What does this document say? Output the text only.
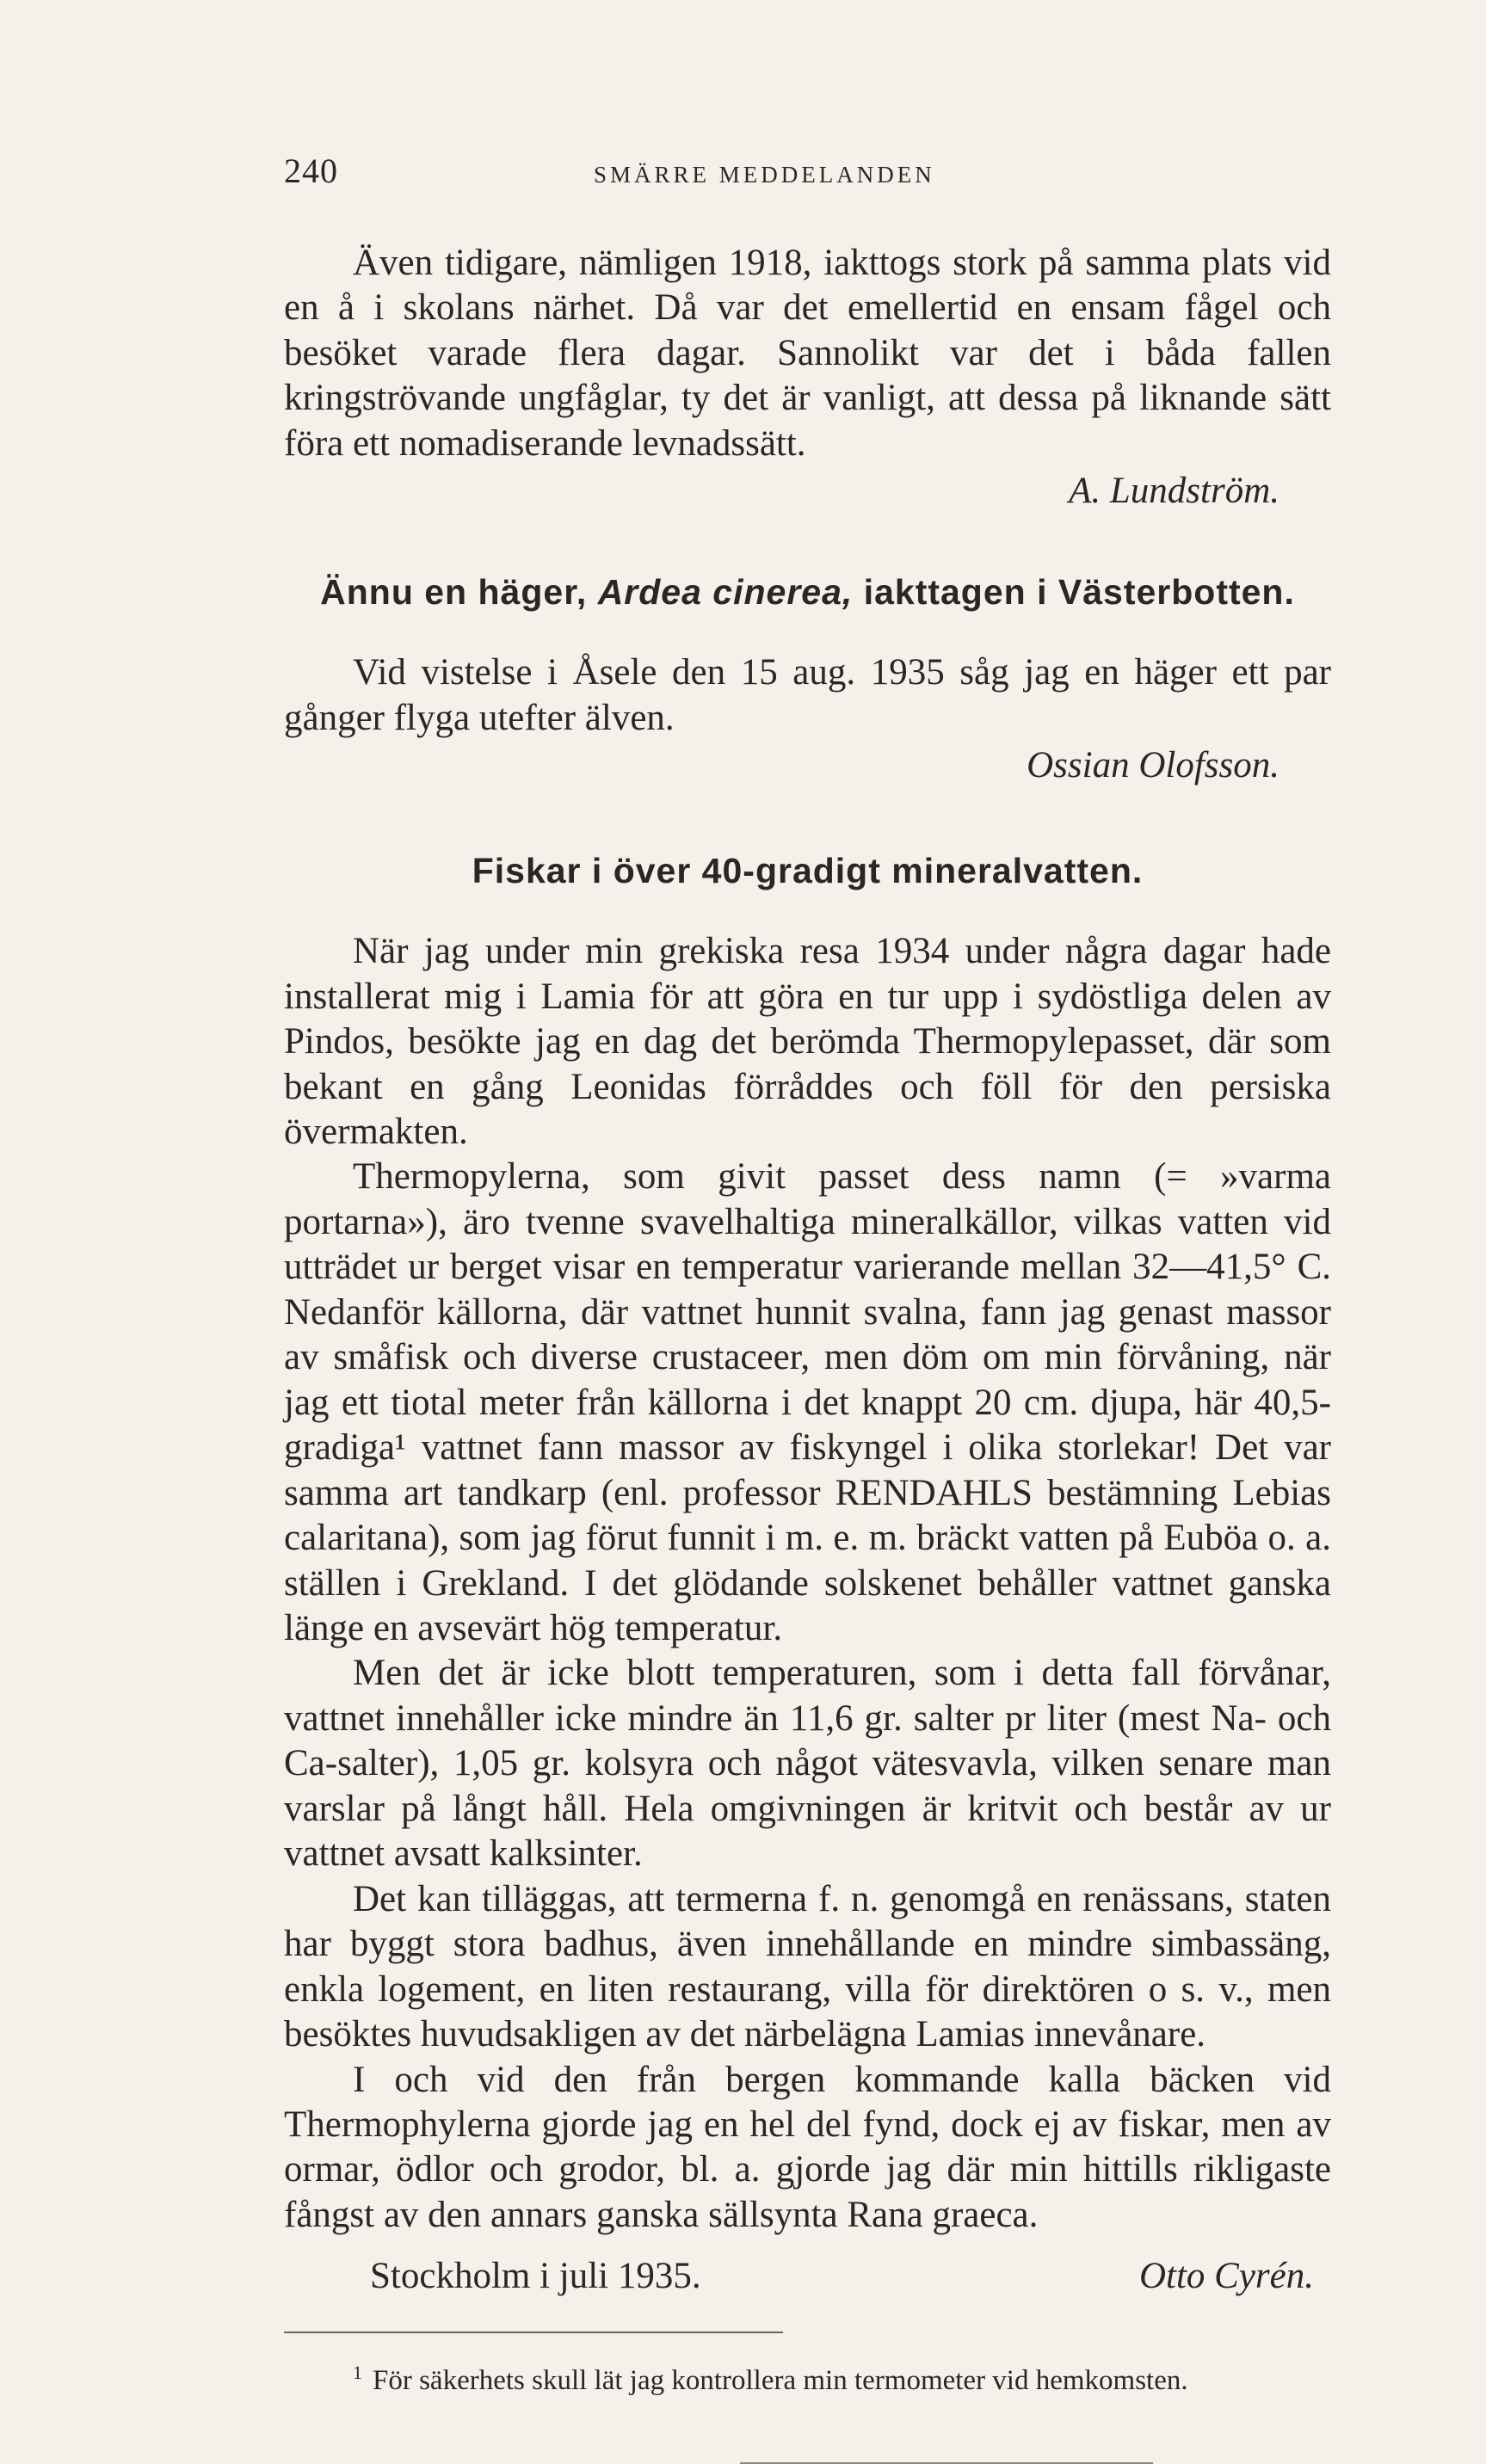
240	SMÄRRE MEDDELANDEN

Även tidigare, nämligen 1918, iakttogs stork på samma plats vid en å i skolans närhet. Då var det emellertid en ensam fågel och besöket varade flera dagar. Sannolikt var det i båda fallen kringströvande ungfåglar, ty det är vanligt, att dessa på liknande sätt föra ett nomadiserande levnadssätt.

A. Lundström.
Ännu en häger, Ardea cinerea, iakttagen i Västerbotten.

Vid vistelse i Åsele den 15 aug. 1935 såg jag en häger ett par gånger flyga utefter älven.

Ossian Olofsson.
Fiskar i över 40-gradigt mineralvatten.

När jag under min grekiska resa 1934 under några dagar hade installerat mig i Lamia för att göra en tur upp i sydöstliga delen av Pindos, besökte jag en dag det berömda Thermopylepasset, där som bekant en gång Leonidas förråddes och föll för den persiska övermakten.

Thermopylerna, som givit passet dess namn (= »varma portarna»), äro tvenne svavelhaltiga mineralkällor, vilkas vatten vid utträdet ur berget visar en temperatur varierande mellan 32—41,5° C. Nedanför källorna, där vattnet hunnit svalna, fann jag genast massor av småfisk och diverse crustaceer, men döm om min förvåning, när jag ett tiotal meter från källorna i det knappt 20 cm. djupa, här 40,5-gradiga¹ vattnet fann massor av fiskyngel i olika storlekar! Det var samma art tandkarp (enl. professor RENDAHLS bestämning Lebias calaritana), som jag förut funnit i m. e. m. bräckt vatten på Euböa o. a. ställen i Grekland. I det glödande solskenet behåller vattnet ganska länge en avsevärt hög temperatur.

Men det är icke blott temperaturen, som i detta fall förvånar, vattnet innehåller icke mindre än 11,6 gr. salter pr liter (mest Na- och Ca-salter), 1,05 gr. kolsyra och något vätesvavla, vilken senare man varslar på långt håll. Hela omgivningen är kritvit och består av ur vattnet avsatt kalksinter.

Det kan tilläggas, att termerna f. n. genomgå en renässans, staten har byggt stora badhus, även innehållande en mindre simbassäng, enkla logement, en liten restaurang, villa för direktören o s. v., men besöktes huvudsakligen av det närbelägna Lamias innevånare.

I och vid den från bergen kommande kalla bäcken vid Thermophylerna gjorde jag en hel del fynd, dock ej av fiskar, men av ormar, ödlor och grodor, bl. a. gjorde jag där min hittills rikligaste fångst av den annars ganska sällsynta Rana graeca.

Stockholm i juli 1935.	Otto Cyrén.

$^1$ För säkerhets skull lät jag kontrollera min termometer vid hemkomsten.
